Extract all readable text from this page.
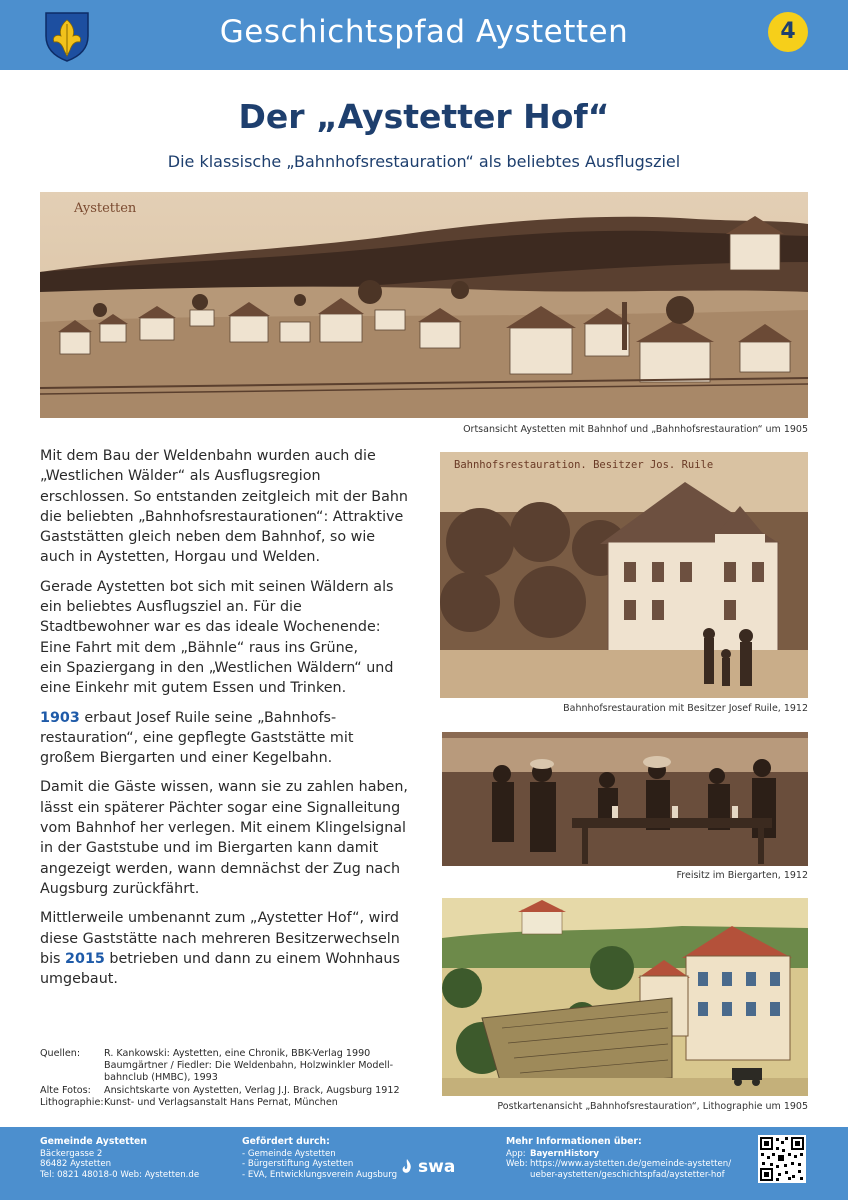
Geschichtspfad Aystetten	4
Der „Aystetter Hof“
Die klassische „Bahnhofsrestauration“ als beliebtes Ausflugsziel
Aystetten
Ortsansicht Aystetten mit Bahnhof und „Bahnhofsrestauration“ um 1905
Bahnhofsrestauration. Besitzer Jos. Ruile
Bahnhofsrestauration mit Besitzer Josef Ruile, 1912
Freisitz im Biergarten, 1912
Postkartenansicht „Bahnhofsrestauration“, Lithographie um 1905

Mit dem Bau der Weldenbahn wurden auch die „Westlichen Wälder“ als Ausflugsregion erschlossen. So entstanden zeitgleich mit der Bahn die beliebten „Bahnhofsrestaurationen“: Attraktive Gaststätten gleich neben dem Bahnhof, so wie auch in Aystetten, Horgau und Welden.

Gerade Aystetten bot sich mit seinen Wäldern als ein beliebtes Ausflugsziel an. Für die Stadtbewohner war es das ideale Wochenende:
Eine Fahrt mit dem „Bähnle“ raus ins Grüne,
ein Spaziergang in den „Westlichen Wäldern“ und eine Einkehr mit gutem Essen und Trinken.

1903 erbaut Josef Ruile seine „Bahnhofs-restauration“, eine gepflegte Gaststätte mit großem Biergarten und einer Kegelbahn.

Damit die Gäste wissen, wann sie zu zahlen haben, lässt ein späterer Pächter sogar eine Signalleitung vom Bahnhof her verlegen. Mit einem Klingelsignal in der Gaststube und im Biergarten kann damit angezeigt werden, wann demnächst der Zug nach Augsburg zurückfährt.

Mittlerweile umbenannt zum „Aystetter Hof“, wird diese Gaststätte nach mehreren Besitzerwechseln bis 2015 betrieben und dann zu einem Wohnhaus umgebaut.

Quellen:	R. Kankowski: Aystetten, eine Chronik, BBK-Verlag 1990
Baumgärtner / Fiedler: Die Weldenbahn, Holzwinkler Modell-bahnclub (HMBC), 1993
Alte Fotos:	Ansichtskarte von Aystetten, Verlag J.J. Brack, Augsburg 1912
Lithographie: Kunst- und Verlagsanstalt Hans Pernat, München
Gemeinde Aystetten
Bäckergasse 2
86482 Aystetten
Tel: 0821 48018-0 Web: Aystetten.de
Gefördert durch:
- Gemeinde Aystetten
- Bürgerstiftung Aystetten
- EVA, Entwicklungsverein Augsburg swa
Mehr Informationen über:
App: BayernHistory
Web: https://www.aystetten.de/gemeinde-aystetten/
ueber-aystetten/geschichtspfad/aystetter-hof
